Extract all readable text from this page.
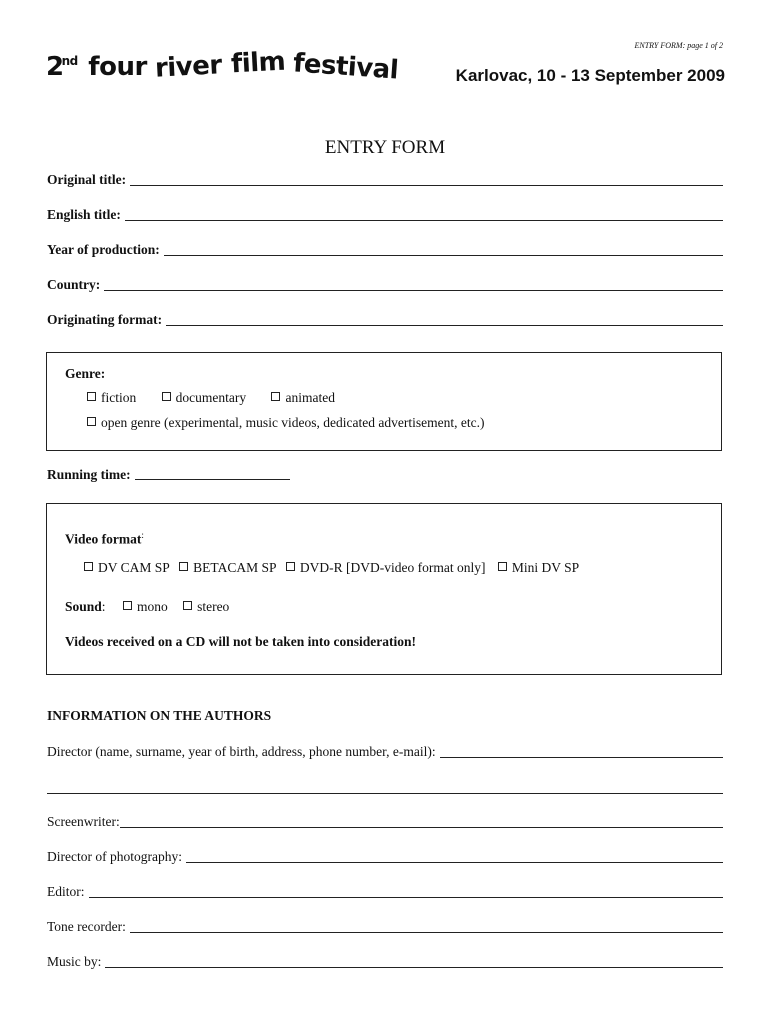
ENTRY FORM: page 1 of 2
2nd four river film festival	Karlovac, 10 - 13 September 2009
ENTRY FORM
Original title:
English title:
Year of production:
Country:
Originating format:
Genre:
fiction	documentary	animated
open genre (experimental, music videos, dedicated advertisement, etc.)
Running time:
Video format:
DV CAM SP BETACAM SP DVD-R [DVD-video format only] Mini DV SP
Sound: mono stereo
Videos received on a CD will not be taken into consideration!
INFORMATION ON THE AUTHORS
Director (name, surname, year of birth, address, phone number, e-mail):
Screenwriter:
Director of photography:
Editor:
Tone recorder:
Music by:
